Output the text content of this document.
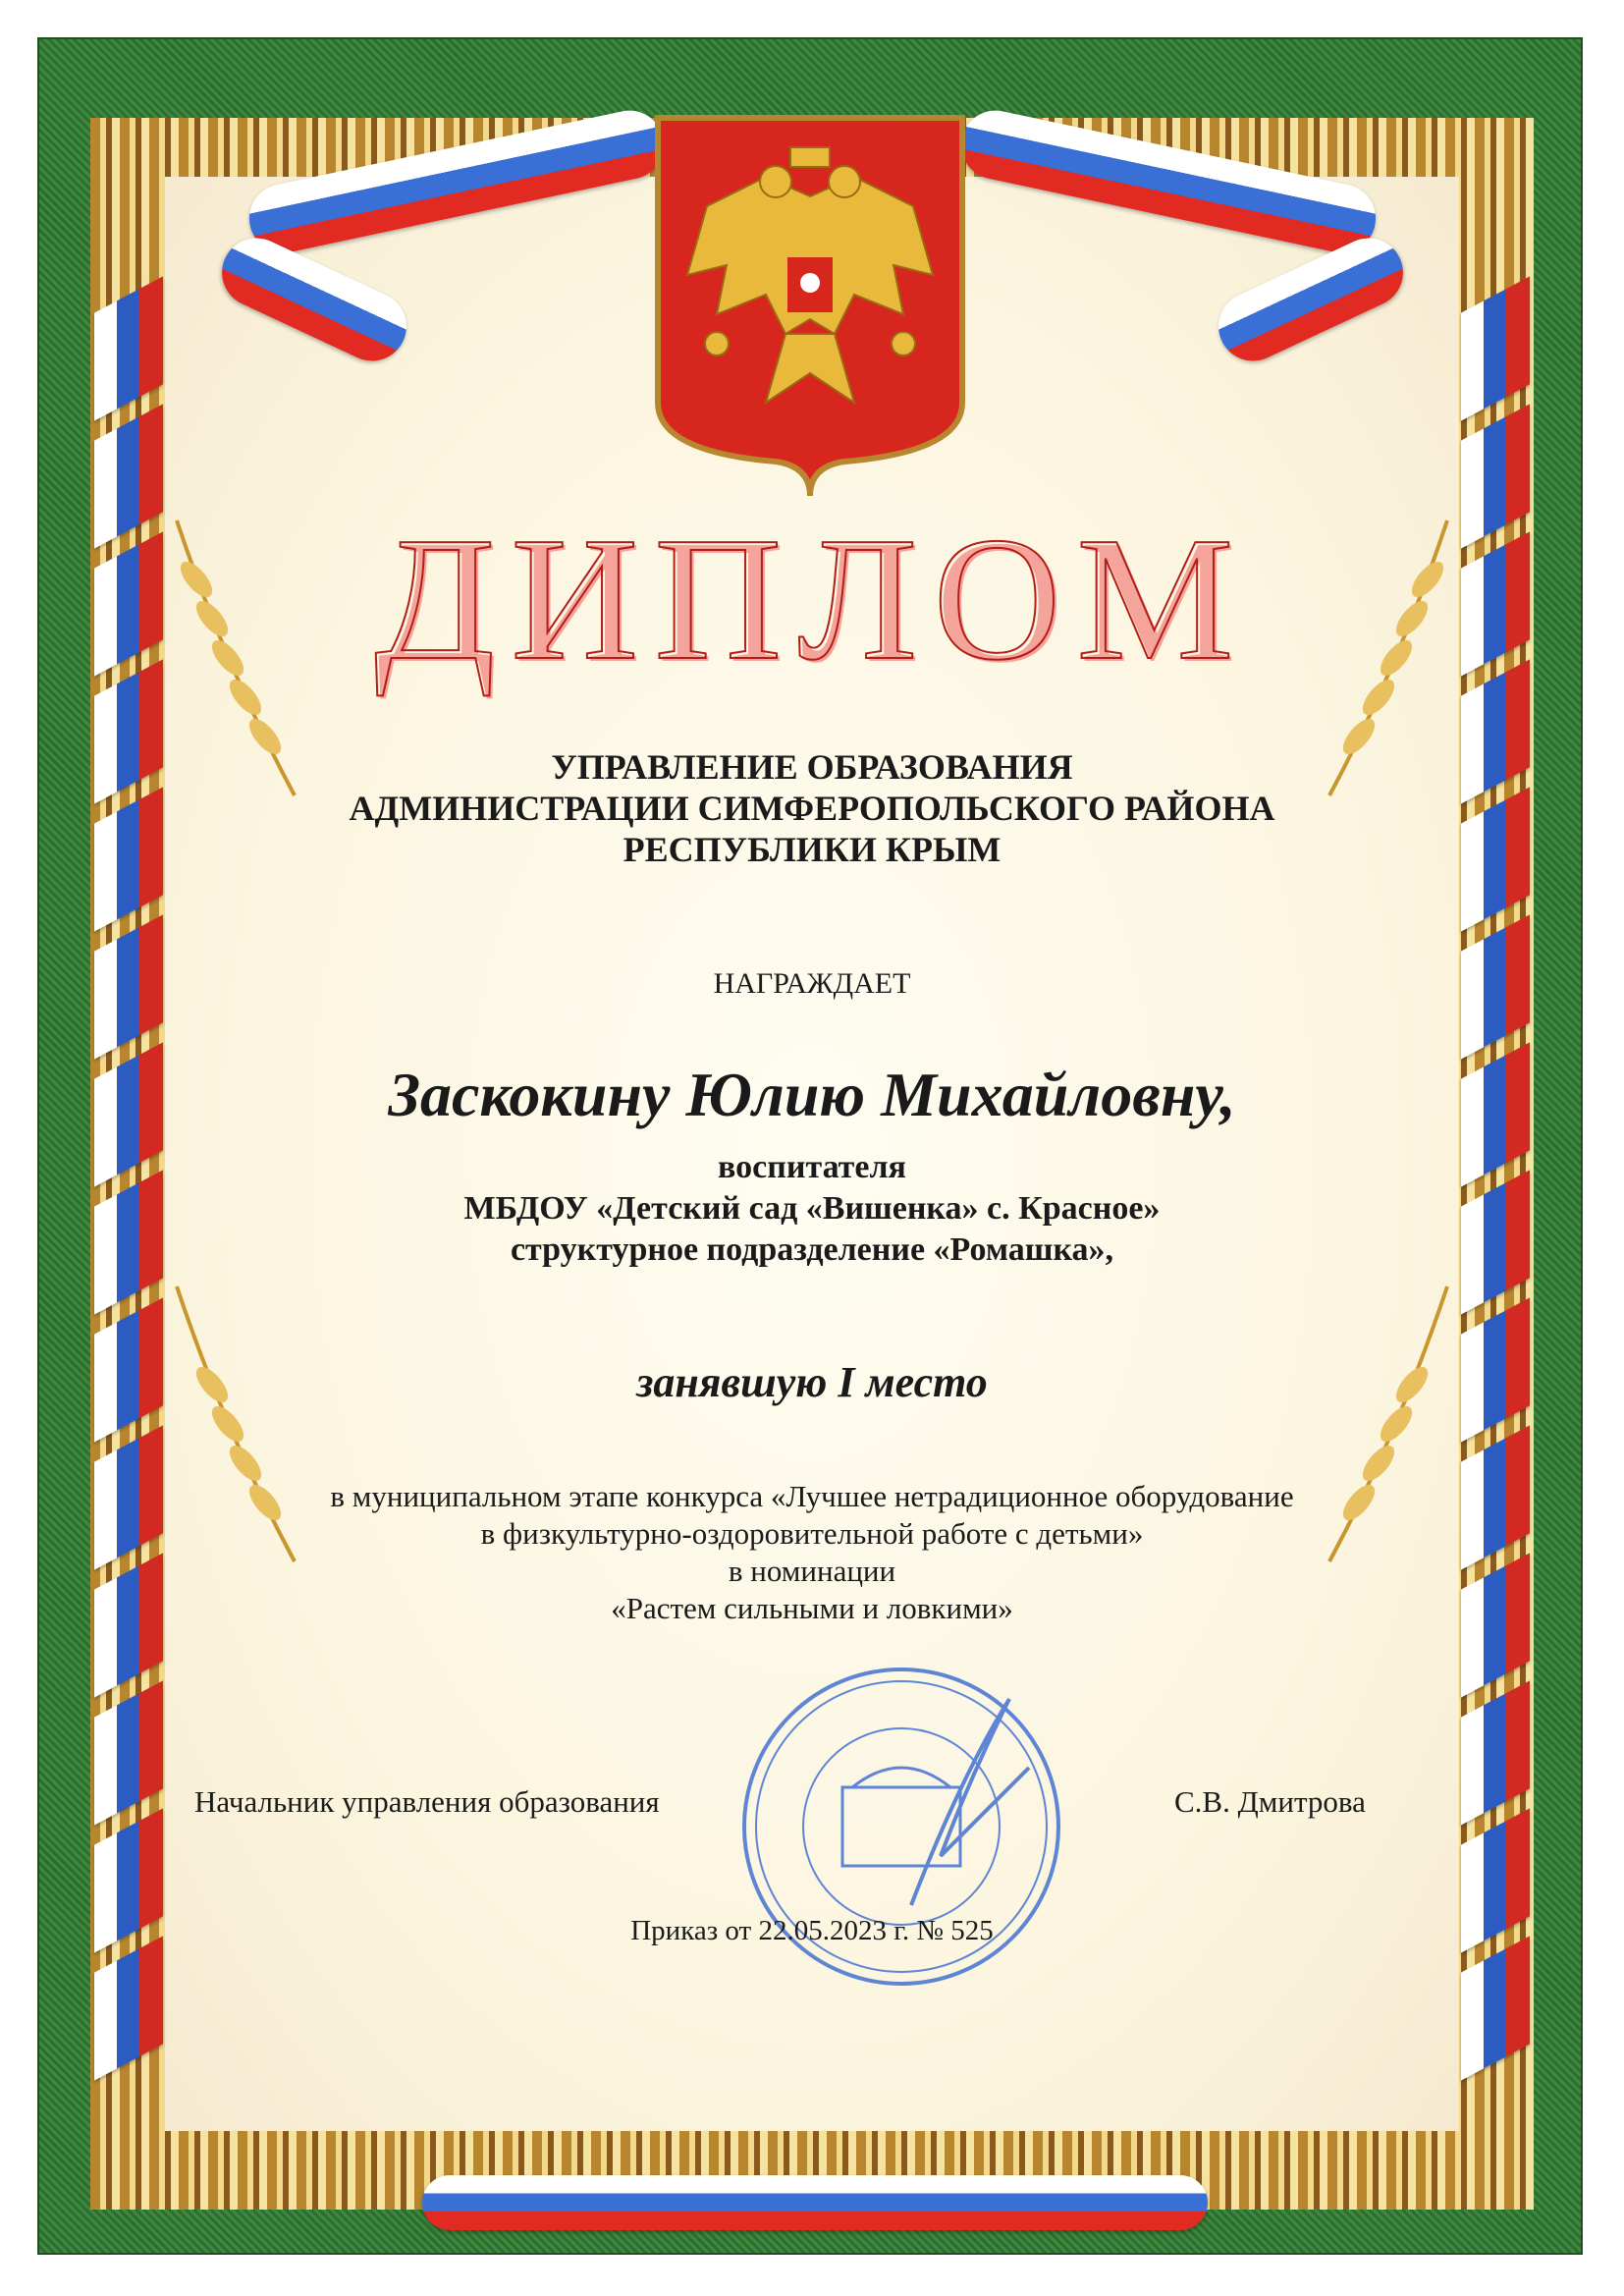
ДИПЛОМ
УПРАВЛЕНИЕ ОБРАЗОВАНИЯ
АДМИНИСТРАЦИИ СИМФЕРОПОЛЬСКОГО РАЙОНА
РЕСПУБЛИКИ КРЫМ
НАГРАЖДАЕТ
Заскокину Юлию Михайловну,
воспитателя
МБДОУ «Детский сад «Вишенка» с. Красное»
структурное подразделение «Ромашка»,
занявшую I место
в муниципальном этапе конкурса «Лучшее нетрадиционное оборудование
в физкультурно-оздоровительной работе с детьми»
в номинации
«Растем сильными и ловкими»
Начальник управления образования	С.В. Дмитрова
Приказ от 22.05.2023 г. № 525
